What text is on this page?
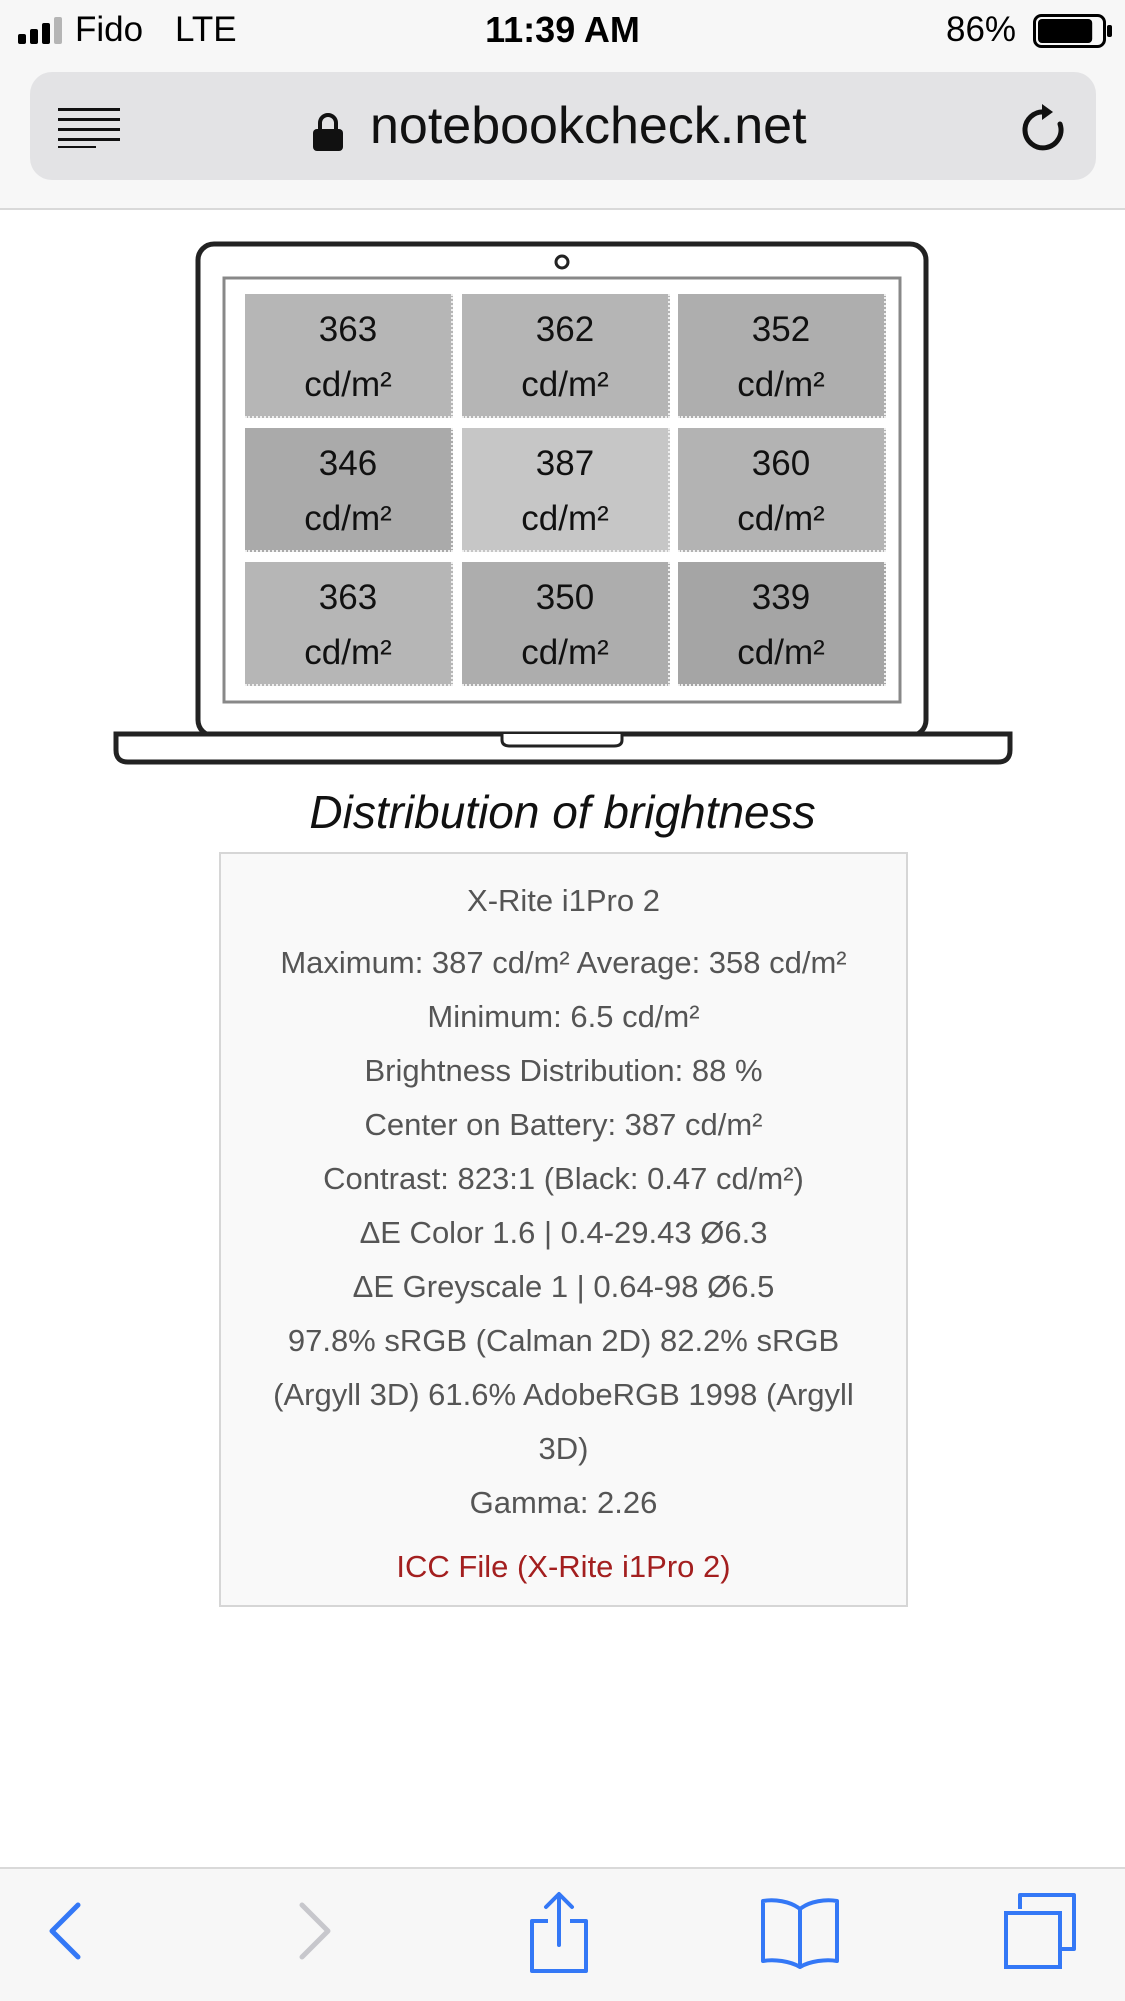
Fido LTE	11:39 AM	86%
notebookcheck.net
363
cd/m²
362
cd/m²
352
cd/m²
346
cd/m²
387
cd/m²
360
cd/m²
363
cd/m²
350
cd/m²
339
cd/m²
Distribution of brightness
X-Rite i1Pro 2
Maximum: 387 cd/m² Average: 358 cd/m²
Minimum: 6.5 cd/m²
Brightness Distribution: 88 %
Center on Battery: 387 cd/m²
Contrast: 823:1 (Black: 0.47 cd/m²)
ΔE Color 1.6 | 0.4-29.43 Ø6.3
ΔE Greyscale 1 | 0.64-98 Ø6.5
97.8% sRGB (Calman 2D) 82.2% sRGB (Argyll 3D) 61.6% AdobeRGB 1998 (Argyll 3D)
Gamma: 2.26
ICC File (X-Rite i1Pro 2)
